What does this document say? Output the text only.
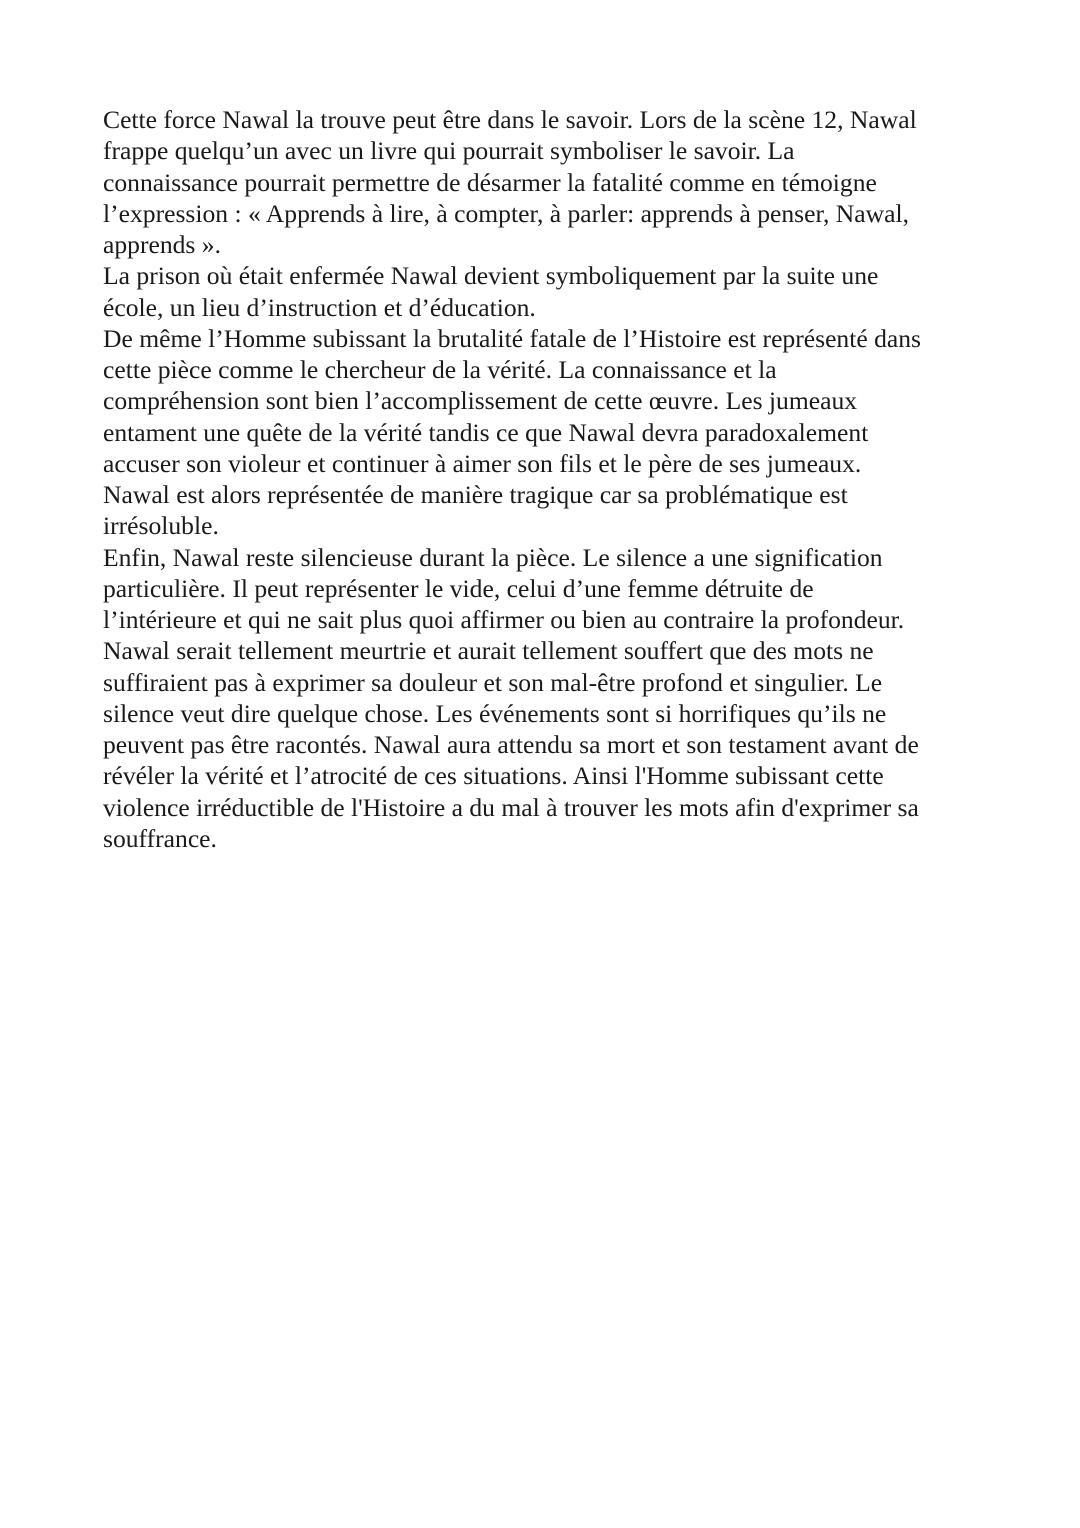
Cette force Nawal la trouve peut être dans le savoir. Lors de la scène 12, Nawal
frappe quelqu’un avec un livre qui pourrait symboliser le savoir. La
connaissance pourrait permettre de désarmer la fatalité comme en témoigne
l’expression : « Apprends à lire, à compter, à parler: apprends à penser, Nawal,
apprends ».
La prison où était enfermée Nawal devient symboliquement par la suite une
école, un lieu d’instruction et d’éducation.
De même l’Homme subissant la brutalité fatale de l’Histoire est représenté dans
cette pièce comme le chercheur de la vérité. La connaissance et la
compréhension sont bien l’accomplissement de cette œuvre. Les jumeaux
entament une quête de la vérité tandis ce que Nawal devra paradoxalement
accuser son violeur et continuer à aimer son fils et le père de ses jumeaux.
Nawal est alors représentée de manière tragique car sa problématique est
irrésoluble.
Enfin, Nawal reste silencieuse durant la pièce. Le silence a une signification
particulière. Il peut représenter le vide, celui d’une femme détruite de
l’intérieure et qui ne sait plus quoi affirmer ou bien au contraire la profondeur.
Nawal serait tellement meurtrie et aurait tellement souffert que des mots ne
suffiraient pas à exprimer sa douleur et son mal-être profond et singulier. Le
silence veut dire quelque chose. Les événements sont si horrifiques qu’ils ne
peuvent pas être racontés. Nawal aura attendu sa mort et son testament avant de
révéler la vérité et l’atrocité de ces situations. Ainsi l'Homme subissant cette
violence irréductible de l'Histoire a du mal à trouver les mots afin d'exprimer sa
souffrance.
